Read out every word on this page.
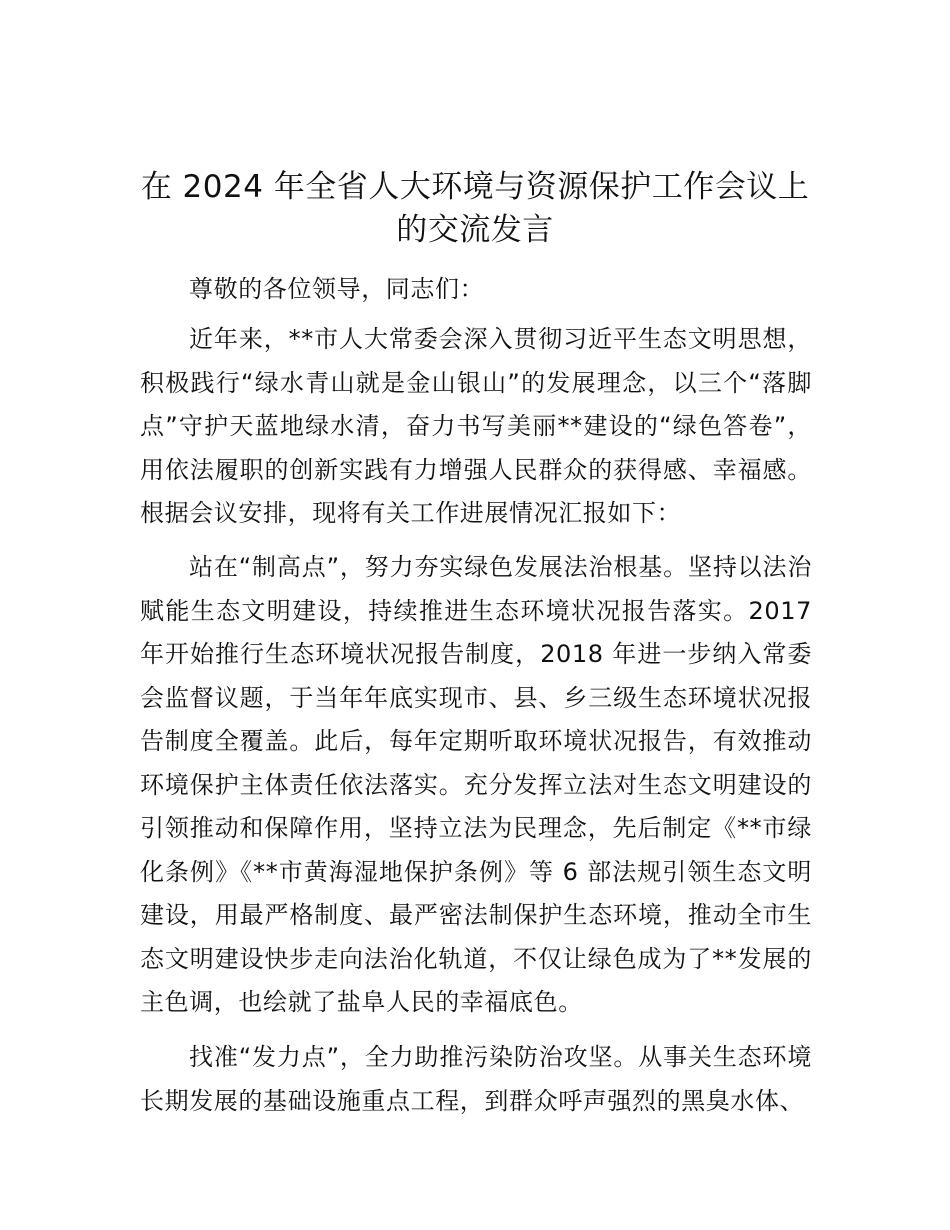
在 2024 年全省人大环境与资源保护工作会议上的交流发言

尊敬的各位领导，同志们：

近年来，**市人大常委会深入贯彻习近平生态文明思想，积极践行“绿水青山就是金山银山”的发展理念，以三个“落脚点”守护天蓝地绿水清，奋力书写美丽**建设的“绿色答卷”，用依法履职的创新实践有力增强人民群众的获得感、幸福感。根据会议安排，现将有关工作进展情况汇报如下：

站在“制高点”，努力夯实绿色发展法治根基。坚持以法治赋能生态文明建设，持续推进生态环境状况报告落实。2017 年开始推行生态环境状况报告制度，2018 年进一步纳入常委会监督议题，于当年年底实现市、县、乡三级生态环境状况报告制度全覆盖。此后，每年定期听取环境状况报告，有效推动环境保护主体责任依法落实。充分发挥立法对生态文明建设的引领推动和保障作用，坚持立法为民理念，先后制定《**市绿化条例》《**市黄海湿地保护条例》等 6 部法规引领生态文明建设，用最严格制度、最严密法制保护生态环境，推动全市生态文明建设快步走向法治化轨道，不仅让绿色成为了**发展的主色调，也绘就了盐阜人民的幸福底色。

找准“发力点”，全力助推污染防治攻坚。从事关生态环境长期发展的基础设施重点工程，到群众呼声强烈的黑臭水体、
